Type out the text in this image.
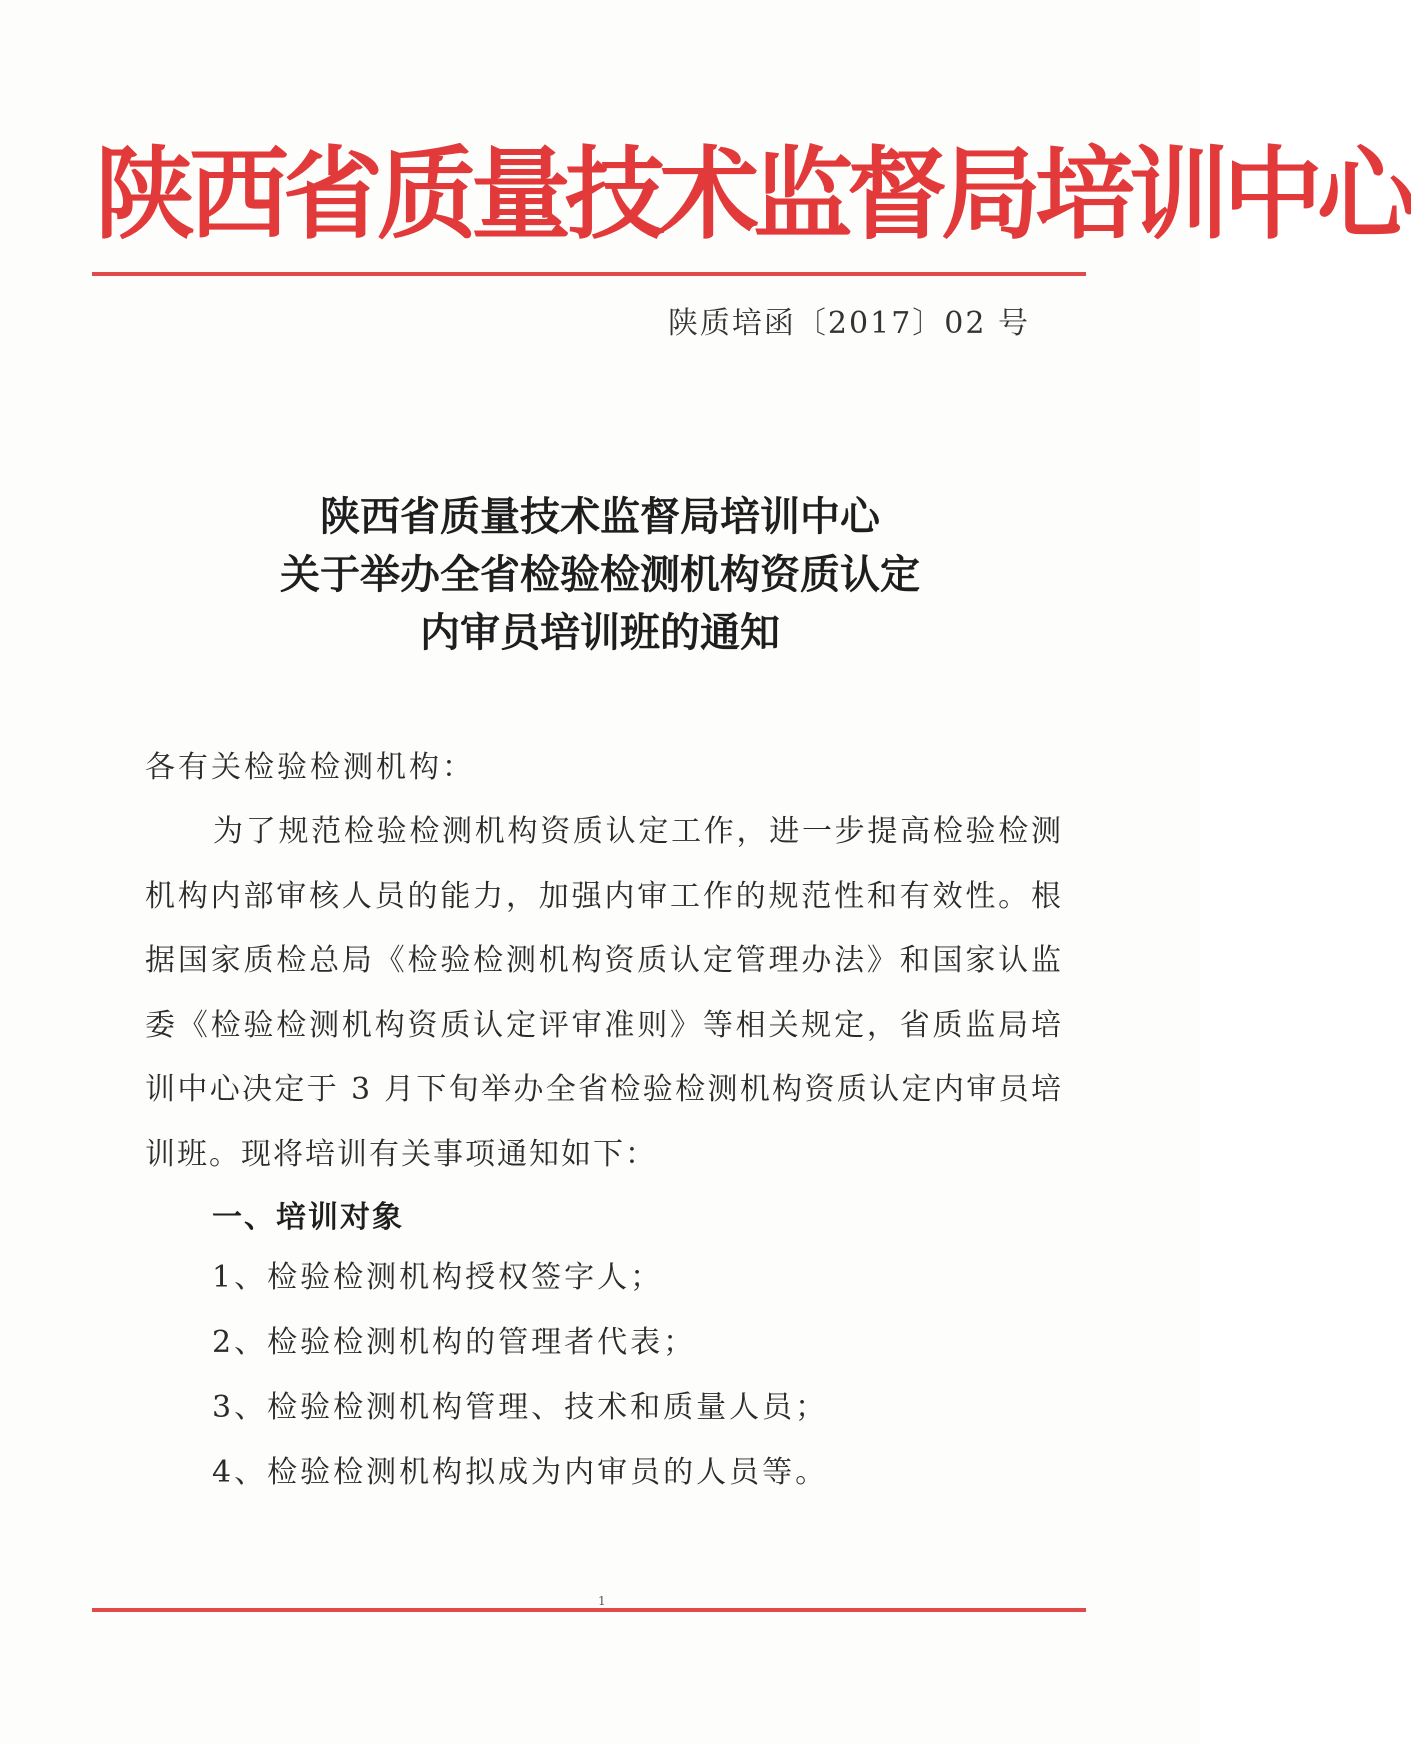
陕西省质量技术监督局培训中心
陕质培函〔2017〕02 号
陕西省质量技术监督局培训中心
关于举办全省检验检测机构资质认定
内审员培训班的通知
各有关检验检测机构：
为了规范检验检测机构资质认定工作，进一步提高检验检测机构内部审核人员的能力，加强内审工作的规范性和有效性。根据国家质检总局《检验检测机构资质认定管理办法》和国家认监委《检验检测机构资质认定评审准则》等相关规定，省质监局培训中心决定于 3 月下旬举办全省检验检测机构资质认定内审员培训班。现将培训有关事项通知如下：
一、培训对象
1、检验检测机构授权签字人；
2、检验检测机构的管理者代表；
3、检验检测机构管理、技术和质量人员；
4、检验检测机构拟成为内审员的人员等。
1
